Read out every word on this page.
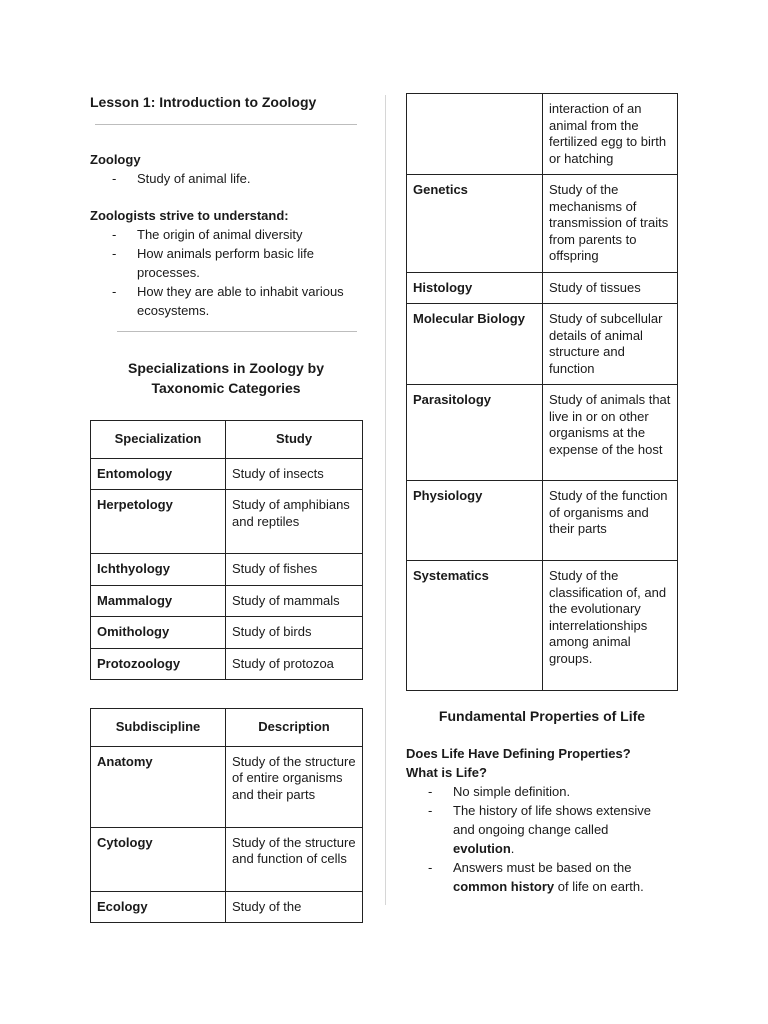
Lesson 1: Introduction to Zoology
Zoology
- Study of animal life.
Zoologists strive to understand:
- The origin of animal diversity
- How animals perform basic life
processes.
- How they are able to inhabit various
ecosystems.
Specializations in Zoology by
Taxonomic Categories
Specialization	Study
Entomology	Study of insects
Herpetology	Study of amphibians and reptiles
Ichthyology	Study of fishes
Mammalogy	Study of mammals
Omithology	Study of birds
Protozoology	Study of protozoa
Subdiscipline	Description
Anatomy	Study of the structure of entire organisms and their parts
Cytology	Study of the structure and function of cells
Ecology	Study of the
	interaction of an animal from the fertilized egg to birth or hatching
Genetics	Study of the mechanisms of transmission of traits from parents to offspring
Histology	Study of tissues
Molecular Biology	Study of subcellular details of animal structure and function
Parasitology	Study of animals that live in or on other organisms at the expense of the host
Physiology	Study of the function of organisms and their parts
Systematics	Study of the classification of, and the evolutionary interrelationships among animal groups.
Fundamental Properties of Life
Does Life Have Defining Properties?
What is Life?
- No simple definition.
- The history of life shows extensive
and ongoing change called
evolution.
- Answers must be based on the
common history of life on earth.
